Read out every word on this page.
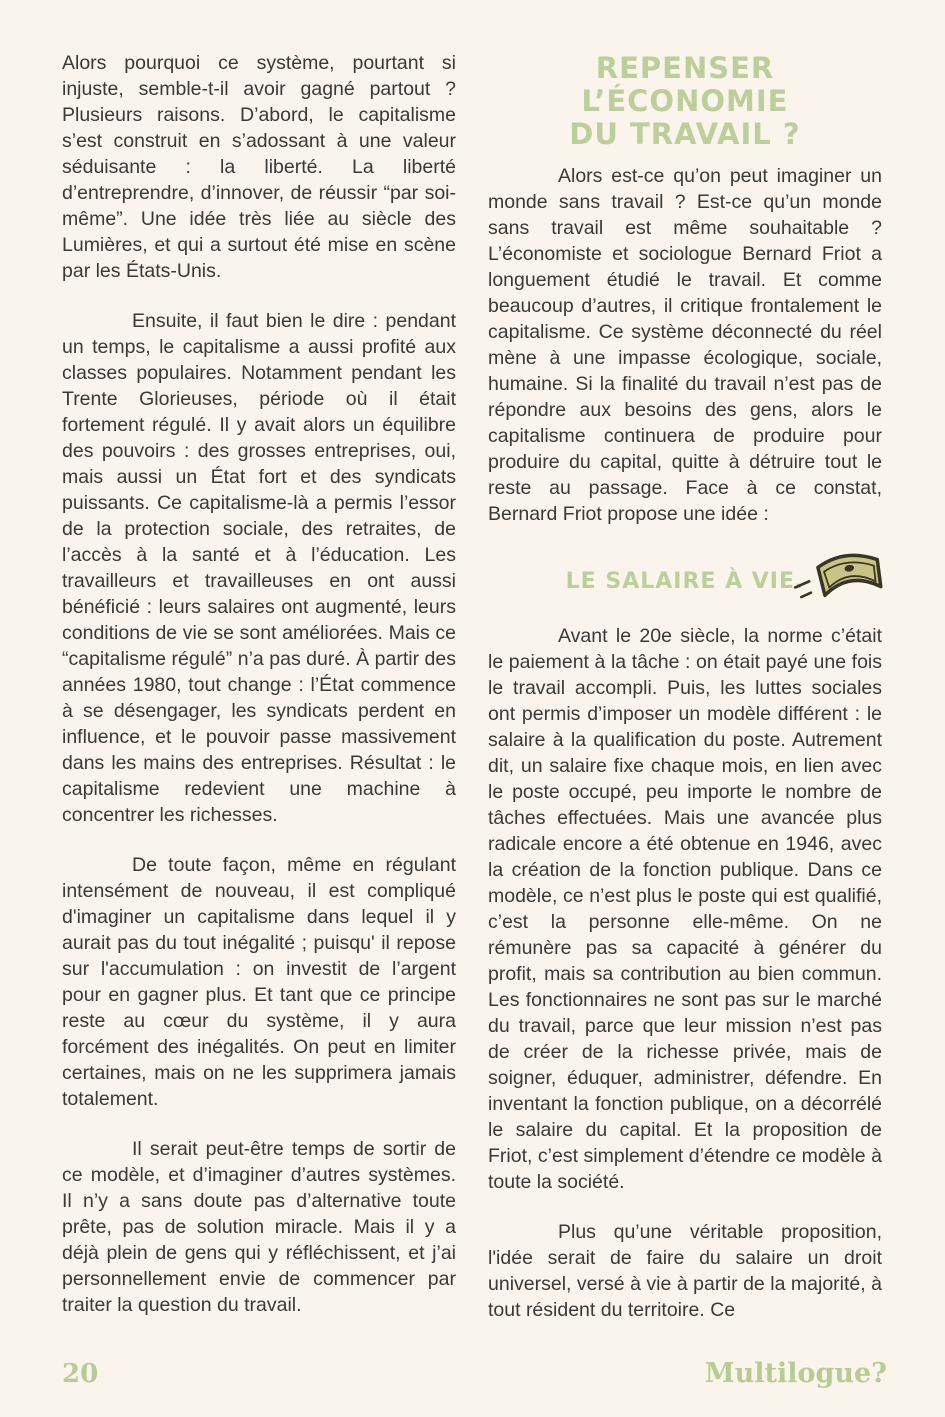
Alors pourquoi ce système, pourtant si injuste, semble-t-il avoir gagné partout ? Plusieurs raisons. D’abord, le capitalisme s’est construit en s’adossant à une valeur séduisante : la liberté. La liberté d’entreprendre, d’innover, de réussir “par soi-même”. Une idée très liée au siècle des Lumières, et qui a surtout été mise en scène par les États-Unis.

Ensuite, il faut bien le dire : pendant un temps, le capitalisme a aussi profité aux classes populaires. Notamment pendant les Trente Glorieuses, période où il était fortement régulé. Il y avait alors un équilibre des pouvoirs : des grosses entreprises, oui, mais aussi un État fort et des syndicats puissants. Ce capitalisme-là a permis l’essor de la protection sociale, des retraites, de l’accès à la santé et à l’éducation. Les travailleurs et travailleuses en ont aussi bénéficié : leurs salaires ont augmenté, leurs conditions de vie se sont améliorées. Mais ce “capitalisme régulé” n’a pas duré. À partir des années 1980, tout change : l’État commence à se désengager, les syndicats perdent en influence, et le pouvoir passe massivement dans les mains des entreprises. Résultat : le capitalisme redevient une machine à concentrer les richesses.

De toute façon, même en régulant intensément de nouveau, il est compliqué d'imaginer un capitalisme dans lequel il y aurait pas du tout inégalité ; puisqu' il repose sur l'accumulation : on investit de l’argent pour en gagner plus. Et tant que ce principe reste au cœur du système, il y aura forcément des inégalités. On peut en limiter certaines, mais on ne les supprimera jamais totalement.

Il serait peut-être temps de sortir de ce modèle, et d’imaginer d’autres systèmes. Il n’y a sans doute pas d’alternative toute prête, pas de solution miracle. Mais il y a déjà plein de gens qui y réfléchissent, et j’ai personnellement envie de commencer par traiter la question du travail.

REPENSER L’ÉCONOMIE
DU TRAVAIL ?

Alors est-ce qu’on peut imaginer un monde sans travail ? Est-ce qu’un monde sans travail est même souhaitable ? L’économiste et sociologue Bernard Friot a longuement étudié le travail. Et comme beaucoup d’autres, il critique frontalement le capitalisme. Ce système déconnecté du réel mène à une impasse écologique, sociale, humaine. Si la finalité du travail n’est pas de répondre aux besoins des gens, alors le capitalisme continuera de produire pour produire du capital, quitte à détruire tout le reste au passage. Face à ce constat, Bernard Friot propose une idée :

LE SALAIRE À VIE.

Avant le 20e siècle, la norme c’était le paiement à la tâche : on était payé une fois le travail accompli. Puis, les luttes sociales ont permis d’imposer un modèle différent : le salaire à la qualification du poste. Autrement dit, un salaire fixe chaque mois, en lien avec le poste occupé, peu importe le nombre de tâches effectuées. Mais une avancée plus radicale encore a été obtenue en 1946, avec la création de la fonction publique. Dans ce modèle, ce n’est plus le poste qui est qualifié, c’est la personne elle-même. On ne rémunère pas sa capacité à générer du profit, mais sa contribution au bien commun. Les fonctionnaires ne sont pas sur le marché du travail, parce que leur mission n’est pas de créer de la richesse privée, mais de soigner, éduquer, administrer, défendre. En inventant la fonction publique, on a décorrélé le salaire du capital. Et la proposition de Friot, c’est simplement d’étendre ce modèle à toute la société.

Plus qu’une véritable proposition, l'idée serait de faire du salaire un droit universel, versé à vie à partir de la majorité, à tout résident du territoire. Ce

20	Multilogue?
